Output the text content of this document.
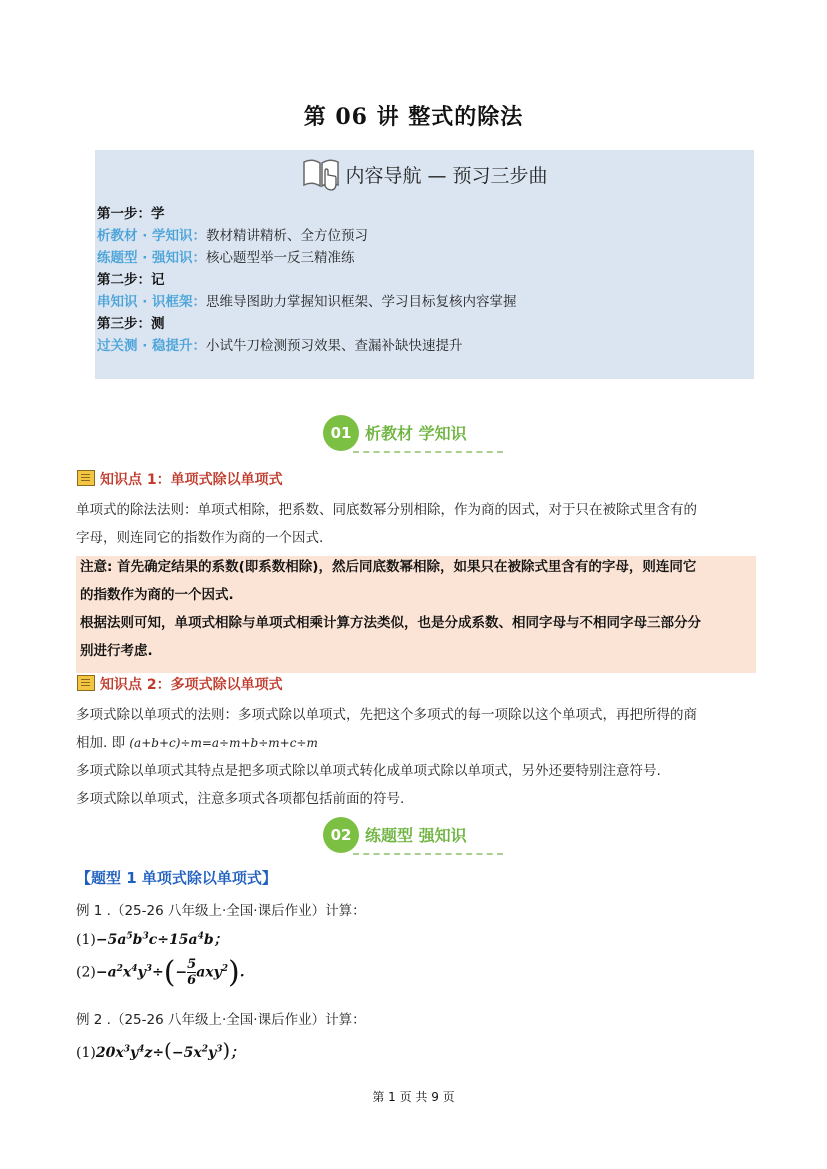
第 06 讲 整式的除法
内容导航 — 预习三步曲
第一步：学
析教材 · 学知识：教材精讲精析、全方位预习
练题型 · 强知识：核心题型举一反三精准练
第二步：记
串知识 · 识框架：思维导图助力掌握知识框架、学习目标复核内容掌握
第三步：测
过关测 · 稳提升：小试牛刀检测预习效果、查漏补缺快速提升
01 析教材 学知识
知识点 1：单项式除以单项式
单项式的除法法则：单项式相除，把系数、同底数幂分别相除，作为商的因式，对于只在被除式里含有的
字母，则连同它的指数作为商的一个因式.
注意: 首先确定结果的系数(即系数相除)，然后同底数幂相除，如果只在被除式里含有的字母，则连同它
的指数作为商的一个因式.
根据法则可知，单项式相除与单项式相乘计算方法类似，也是分成系数、相同字母与不相同字母三部分分
别进行考虑.
知识点 2：多项式除以单项式
多项式除以单项式的法则：多项式除以单项式，先把这个多项式的每一项除以这个单项式，再把所得的商
相加. 即 (a+b+c)÷m=a÷m+b÷m+c÷m
多项式除以单项式其特点是把多项式除以单项式转化成单项式除以单项式，另外还要特别注意符号.
多项式除以单项式，注意多项式各项都包括前面的符号.
02 练题型 强知识
【题型 1 单项式除以单项式】
例 1 .（25-26 八年级上·全国·课后作业）计算：
$(1)-5a^5b^3c\div 15a^4b$；
$(2)-a^2x^4y^3\div(- \frac{5}{6} axy^2)$.
例 2 .（25-26 八年级上·全国·课后作业）计算：
$(1)20x^3y^4z\div(-5x^2y^3)$；
第 1 页 共 9 页
